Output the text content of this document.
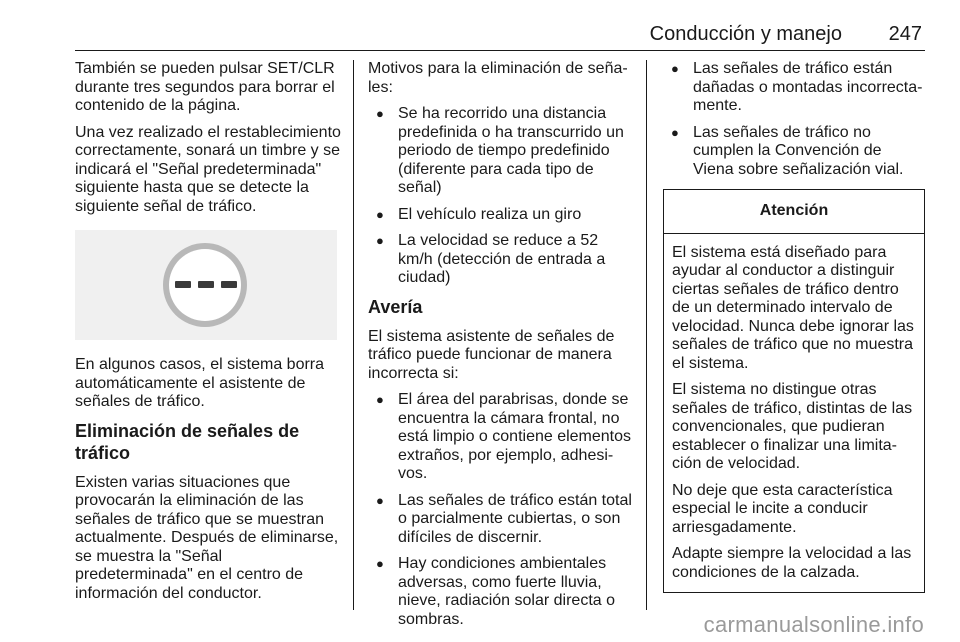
Conducción y manejo 247

También se pueden pulsar SET/CLR durante tres segundos para borrar el contenido de la página.

Una vez realizado el restablecimiento correctamente, sonará un timbre y se indicará el "Señal predeterminada" siguiente hasta que se detecte la siguiente señal de tráfico.

En algunos casos, el sistema borra automáticamente el asistente de señales de tráfico.

Eliminación de señales de tráfico

Existen varias situaciones que provocarán la eliminación de las señales de tráfico que se muestran actualmente. Después de eliminarse, se muestra la "Señal predeterminada" en el centro de información del conductor.

Motivos para la eliminación de señales:

● Se ha recorrido una distancia predefinida o ha transcurrido un periodo de tiempo predefinido (diferente para cada tipo de señal)
● El vehículo realiza un giro
● La velocidad se reduce a 52 km/h (detección de entrada a ciudad)
Avería

El sistema asistente de señales de tráfico puede funcionar de manera incorrecta si:

● El área del parabrisas, donde se encuentra la cámara frontal, no está limpio o contiene elementos extraños, por ejemplo, adhesivos.
● Las señales de tráfico están total o parcialmente cubiertas, o son difíciles de discernir.
● Hay condiciones ambientales adversas, como fuerte lluvia, nieve, radiación solar directa o sombras.
● Las señales de tráfico están dañadas o montadas incorrectamente.
● Las señales de tráfico no cumplen la Convención de Viena sobre señalización vial.
Atención

El sistema está diseñado para ayudar al conductor a distinguir ciertas señales de tráfico dentro de un determinado intervalo de velocidad. Nunca debe ignorar las señales de tráfico que no muestra el sistema.

El sistema no distingue otras señales de tráfico, distintas de las convencionales, que pudieran establecer o finalizar una limitación de velocidad.

No deje que esta característica especial le incite a conducir arriesgadamente.

Adapte siempre la velocidad a las condiciones de la calzada.

carmanualsonline.info
